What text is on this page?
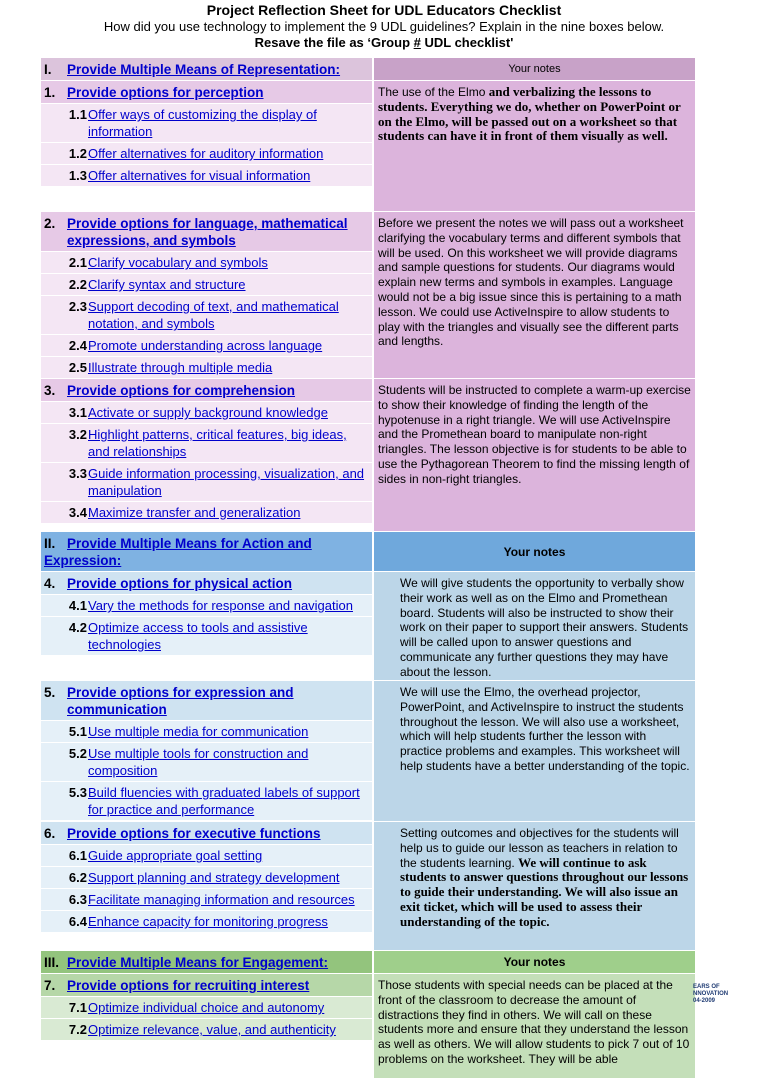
Project Reflection Sheet for UDL Educators Checklist
How did you use technology to implement the 9 UDL guidelines? Explain in the nine boxes below.
Resave the file as ‘Group # UDL checklist'
I. Provide Multiple Means of Representation:	Your notes
1. Provide options for perception
1.1 Offer ways of customizing the display of information
1.2 Offer alternatives for auditory information
1.3 Offer alternatives for visual information
The use of the Elmo and verbalizing the lessons to students. Everything we do, whether on PowerPoint or on the Elmo, will be passed out on a worksheet so that students can have it in front of them visually as well.
2. Provide options for language, mathematical expressions, and symbols
2.1 Clarify vocabulary and symbols
2.2 Clarify syntax and structure
2.3 Support decoding of text, and mathematical notation, and symbols
2.4 Promote understanding across language
2.5 Illustrate through multiple media
Before we present the notes we will pass out a worksheet clarifying the vocabulary terms and different symbols that will be used. On this worksheet we will provide diagrams and sample questions for students. Our diagrams would explain new terms and symbols in examples. Language would not be a big issue since this is pertaining to a math lesson. We could use ActiveInspire to allow students to play with the triangles and visually see the different parts and lengths.
3. Provide options for comprehension
3.1 Activate or supply background knowledge
3.2 Highlight patterns, critical features, big ideas, and relationships
3.3 Guide information processing, visualization, and manipulation
3.4 Maximize transfer and generalization
Students will be instructed to complete a warm-up exercise to show their knowledge of finding the length of the hypotenuse in a right triangle. We will use ActiveInspire and the Promethean board to manipulate non-right triangles. The lesson objective is for students to be able to use the Pythagorean Theorem to find the missing length of sides in non-right triangles.
II. Provide Multiple Means for Action and Expression:
Your notes
4. Provide options for physical action
4.1 Vary the methods for response and navigation
4.2 Optimize access to tools and assistive technologies
We will give students the opportunity to verbally show their work as well as on the Elmo and Promethean board. Students will also be instructed to show their work on their paper to support their answers. Students will be called upon to answer questions and communicate any further questions they may have about the lesson.
5. Provide options for expression and communication
5.1 Use multiple media for communication
5.2 Use multiple tools for construction and composition
5.3 Build fluencies with graduated labels of support for practice and performance
We will use the Elmo, the overhead projector, PowerPoint, and ActiveInspire to instruct the students throughout the lesson. We will also use a worksheet, which will help students further the lesson with practice problems and examples. This worksheet will help students have a better understanding of the topic.
6. Provide options for executive functions
6.1 Guide appropriate goal setting
6.2 Support planning and strategy development
6.3 Facilitate managing information and resources
6.4 Enhance capacity for monitoring progress
Setting outcomes and objectives for the students will help us to guide our lesson as teachers in relation to the students learning. We will continue to ask students to answer questions throughout our lessons to guide their understanding. We will also issue an exit ticket, which will be used to assess their understanding of the topic.
III. Provide Multiple Means for Engagement:	Your notes
7. Provide options for recruiting interest
7.1 Optimize individual choice and autonomy
7.2 Optimize relevance, value, and authenticity
Those students with special needs can be placed at the front of the classroom to decrease the amount of distractions they find in others. We will call on these students more and ensure that they understand the lesson as well as others. We will allow students to pick 7 out of 10 problems on the worksheet. They will be able
EARS OF
NNOVATION
04-2009
